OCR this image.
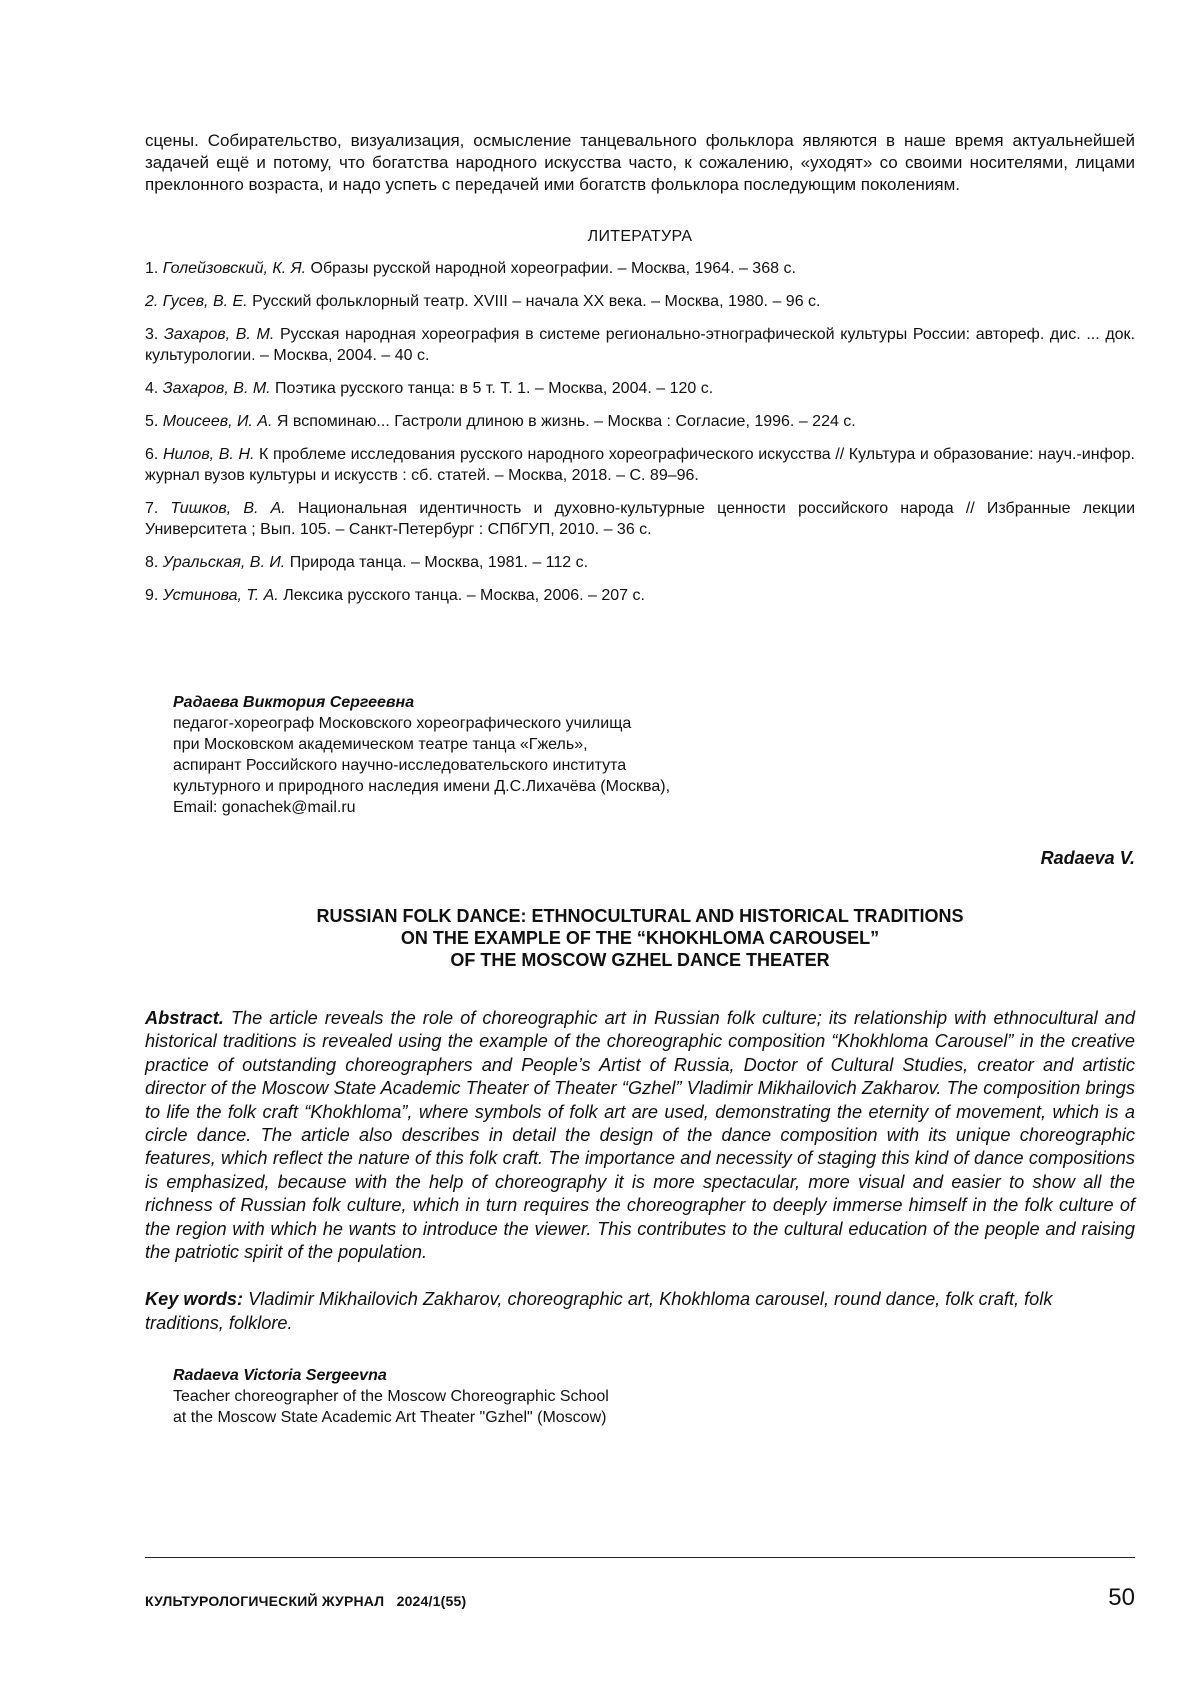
сцены. Собирательство, визуализация, осмысление танцевального фольклора являются в наше время актуальнейшей задачей ещё и потому, что богатства народного искусства часто, к сожалению, «уходят» со своими носителями, лицами преклонного возраста, и надо успеть с передачей ими богатств фольклора последующим поколениям.

ЛИТЕРАТУРА

1. Голейзовский, К. Я. Образы русской народной хореографии. – Москва, 1964. – 368 с.

2. Гусев, В. Е. Русский фольклорный театр. XVIII – начала XX века. – Москва, 1980. – 96 с.

3. Захаров, В. М. Русская народная хореография в системе регионально-этнографической культуры России: автореф. дис. ... док. культурологии. – Москва, 2004. – 40 с.

4. Захаров, В. М. Поэтика русского танца: в 5 т. Т. 1. – Москва, 2004. – 120 с.

5. Моисеев, И. А. Я вспоминаю... Гастроли длиною в жизнь. – Москва : Согласие, 1996. – 224 с.

6. Нилов, В. Н. К проблеме исследования русского народного хореографического искусства // Культура и образование: науч.-инфор. журнал вузов культуры и искусств : сб. статей. – Москва, 2018. – С. 89–96.

7. Тишков, В. А. Национальная идентичность и духовно-культурные ценности российского народа // Избранные лекции Университета ; Вып. 105. – Санкт-Петербург : СПбГУП, 2010. – 36 с.

8. Уральская, В. И. Природа танца. – Москва, 1981. – 112 с.

9. Устинова, Т. А. Лексика русского танца. – Москва, 2006. – 207 с.

Радаева Виктория Сергеевна
педагог-хореограф Московского хореографического училища
при Московском академическом театре танца «Гжель»,
аспирант Российского научно-исследовательского института
культурного и природного наследия имени Д.С.Лихачёва (Москва),
Email: gonachek@mail.ru
Radaeva V.
RUSSIAN FOLK DANCE: ETHNOCULTURAL AND HISTORICAL TRADITIONS
ON THE EXAMPLE OF THE “KHOKHLOMA CAROUSEL”
OF THE MOSCOW GZHEL DANCE THEATER

Abstract. The article reveals the role of choreographic art in Russian folk culture; its relationship with ethnocultural and historical traditions is revealed using the example of the choreographic composition “Khokhloma Carousel” in the creative practice of outstanding choreographers and People’s Artist of Russia, Doctor of Cultural Studies, creator and artistic director of the Moscow State Academic Theater of Theater “Gzhel” Vladimir Mikhailovich Zakharov. The composition brings to life the folk craft “Khokhloma”, where symbols of folk art are used, demonstrating the eternity of movement, which is a circle dance. The article also describes in detail the design of the dance composition with its unique choreographic features, which reflect the nature of this folk craft. The importance and necessity of staging this kind of dance compositions is emphasized, because with the help of choreography it is more spectacular, more visual and easier to show all the richness of Russian folk culture, which in turn requires the choreographer to deeply immerse himself in the folk culture of the region with which he wants to introduce the viewer. This contributes to the cultural education of the people and raising the patriotic spirit of the population.

Key words: Vladimir Mikhailovich Zakharov, choreographic art, Khokhloma carousel, round dance, folk craft, folk traditions, folklore.

Radaeva Victoria Sergeevna
Teacher choreographer of the Moscow Choreographic School
at the Moscow State Academic Art Theater "Gzhel" (Moscow)
КУЛЬТУРОЛОГИЧЕСКИЙ ЖУРНАЛ   2024/1(55)	50
